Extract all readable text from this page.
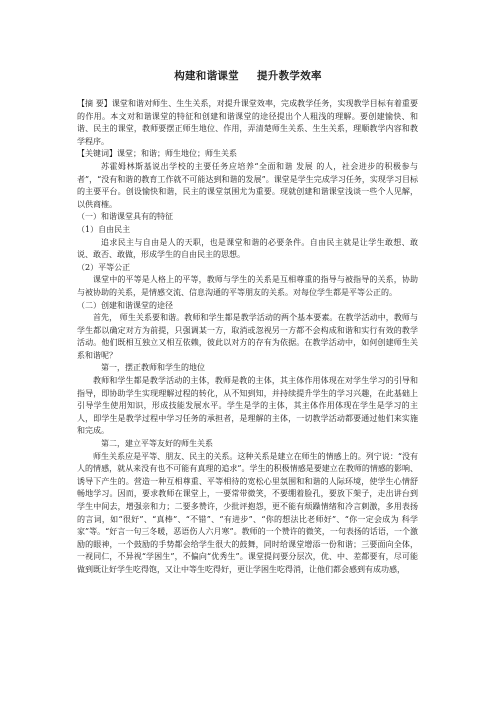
构建和谐课堂 提升教学效率

【摘 要】课堂和谐对师生、生生关系，对提升课堂效率，完成教学任务，实现教学目标有着重要的作用。本文对和谐课堂的特征和创建和谐课堂的途径提出个人粗浅的理解。要创建愉快、和谐、民主的课堂，教师要摆正师生地位、作用，弄清楚师生关系、生生关系，理顺教学内容和教学程序。

【关键词】课堂；和谐；师生地位；师生关系

苏霍姆林斯基说出学校的主要任务应培养“全面和谐 发展 的人，社会进步的积极参与者”，“没有和谐的教育工作就不可能达到和谐的发展”。课堂是学生完成学习任务，实现学习目标的主要平台。创设愉快和谐，民主的课堂氛围尤为重要。现就创建和谐课堂浅谈一些个人见解，以供商榷。

（一）和谐课堂具有的特征

（1）自由民主

追求民主与自由是人的天职，也是课堂和谐的必要条件。自由民主就是让学生敢想、敢说、敢否、敢做，形成学生的自由民主的思想。

（2）平等公正

课堂中的平等是人格上的平等，教师与学生的关系是互相尊重的指导与被指导的关系，协助与被协助的关系，是情感交流、信息沟通的平等朋友的关系。对每位学生都是平等公正的。

（二）创建和谐课堂的途径

首先， 师生关系要和谐。教师和学生都是教学活动的两个基本要素。在教学活动中，教师与学生都以确定对方为前提，只强调某一方，取消或忽视另一方都不会构成和谐和实行有效的教学活动。他们既相互独立又相互依赖，彼此以对方的存有为依据。在教学活动中，如何创建师生关系和谐呢？

第一，摆正教师和学生的地位

教师和学生都是教学活动的主体，教师是教的主体，其主体作用体现在对学生学习的引导和指导，即协助学生实现理解过程的转化，从不知到知，并持续提升学生的学习兴趣，在此基础上引导学生使用知识，形成技能发展水平。学生是学的主体，其主体作用体现在学生是学习的主人，即学生是教学过程中学习任务的承担者，是理解的主体，一切教学活动都要通过他们来实施和完成。

第二，建立平等友好的师生关系

师生关系应是平等、朋友、民主的关系。这种关系是建立在师生的情感上的。列宁说：“没有人的情感，就从来没有也不可能有真理的追求”。学生的积极情感是要建立在教师的情感的影响、诱导下产生的。营造一种互相尊重、平等相待的宽松心里氛围和和谐的人际环境，使学生心情舒畅地学习。因而，要求教师在课堂上，一要常带微笑，不要绷着脸孔，要放下架子，走出讲台到学生中间去，增强亲和力；二要多赞许，少批评抱怨，更不能有烦躁情绪和冷言刺激，多用表扬的言词，如“很好”、“真棒”、“不错”、“有进步”、“你的想法比老师好”、“你一定会成为 科学 家”等。“好言一句三冬暖，恶语伤人六月寒”。教师的一个赞许的微笑，一句表扬的话语，一个激励的眼神，一个鼓励的手势都会给学生很大的鼓舞，同时给课堂增添一份和谐；三要面向全体，一视同仁，不异视“学困生”，不偏向“优秀生”。课堂提问要分层次，优、中、差都要有，尽可能做到既让好学生吃得饱，又让中等生吃得好，更让学困生吃得消，让他们都会感到有成功感，
